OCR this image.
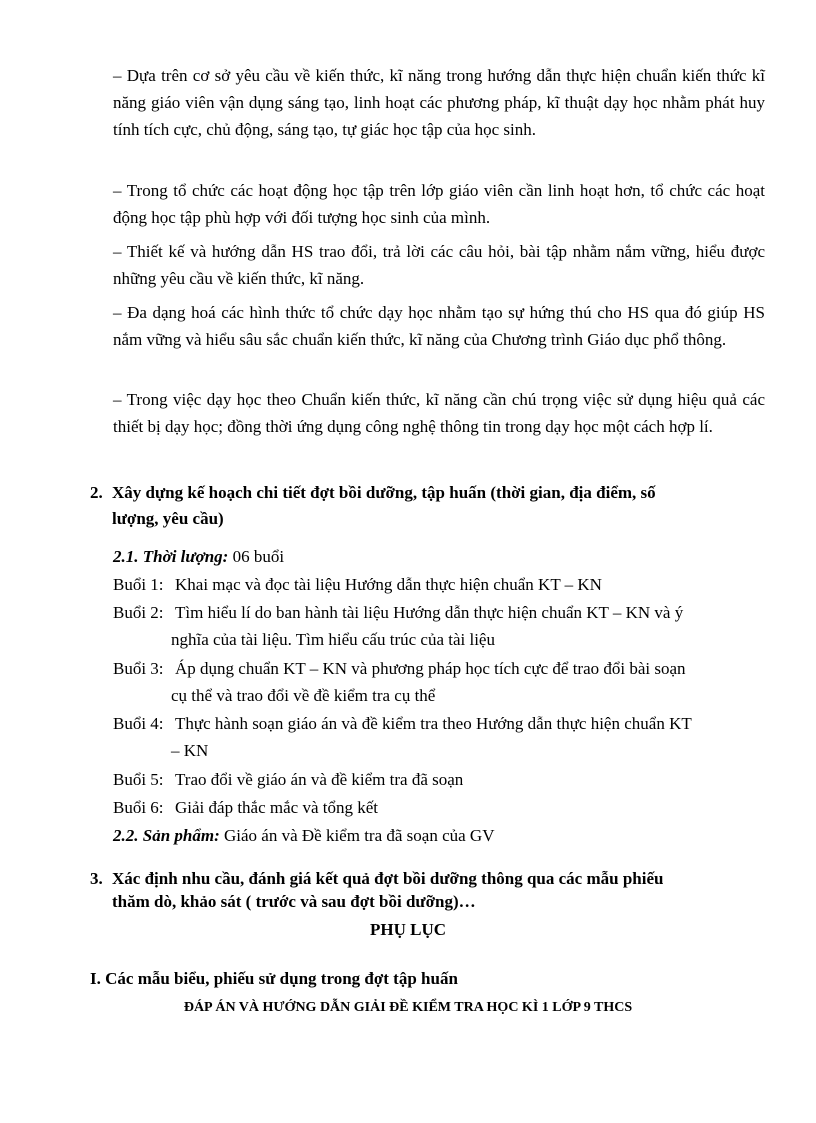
– Dựa trên cơ sở yêu cầu về kiến thức, kĩ năng trong hướng dẫn thực hiện chuẩn kiến thức kĩ năng giáo viên vận dụng sáng tạo, linh hoạt các phương pháp, kĩ thuật dạy học nhằm phát huy tính tích cực, chủ động, sáng tạo, tự giác học tập của học sinh.

– Trong tổ chức các hoạt động học tập trên lớp giáo viên cần linh hoạt hơn, tổ chức các hoạt động học tập phù hợp với đối tượng học sinh của mình.

– Thiết kế và hướng dẫn HS trao đổi, trả lời các câu hỏi, bài tập nhằm nắm vững, hiểu được những yêu cầu về kiến thức, kĩ năng.

– Đa dạng hoá các hình thức tổ chức dạy học nhằm tạo sự hứng thú cho HS qua đó giúp HS nắm vững và hiểu sâu sắc chuẩn kiến thức, kĩ năng của Chương trình Giáo dục phổ thông.

– Trong việc dạy học theo Chuẩn kiến thức, kĩ năng cần chú trọng việc sử dụng hiệu quả các thiết bị dạy học; đồng thời ứng dụng công nghệ thông tin trong dạy học một cách hợp lí.

2. Xây dựng kế hoạch chi tiết đợt bồi dưỡng, tập huấn (thời gian, địa điểm, số
lượng, yêu cầu)

2.1. Thời lượng: 06 buổi

Buổi 1: Khai mạc và đọc tài liệu Hướng dẫn thực hiện chuẩn KT – KN
Buổi 2: Tìm hiểu lí do ban hành tài liệu Hướng dẫn thực hiện chuẩn KT – KN và ý
nghĩa của tài liệu. Tìm hiểu cấu trúc của tài liệu
Buổi 3: Áp dụng chuẩn KT – KN và phương pháp học tích cực để trao đổi bài soạn
cụ thể và trao đổi về đề kiểm tra cụ thể
Buổi 4: Thực hành soạn giáo án và đề kiểm tra theo Hướng dẫn thực hiện chuẩn KT
– KN
Buổi 5: Trao đổi về giáo án và đề kiểm tra đã soạn
Buổi 6: Giải đáp thắc mắc và tổng kết

2.2. Sản phẩm: Giáo án và Đề kiểm tra đã soạn của GV

3. Xác định nhu cầu, đánh giá kết quả đợt bồi dưỡng thông qua các mẫu phiếu
thăm dò, khảo sát ( trước và sau đợt bồi dưỡng)…

PHỤ LỤC

I. Các mẫu biểu, phiếu sử dụng trong đợt tập huấn

ĐÁP ÁN VÀ HƯỚNG DẪN GIẢI ĐỀ KIỂM TRA HỌC KÌ 1 LỚP 9 THCS
